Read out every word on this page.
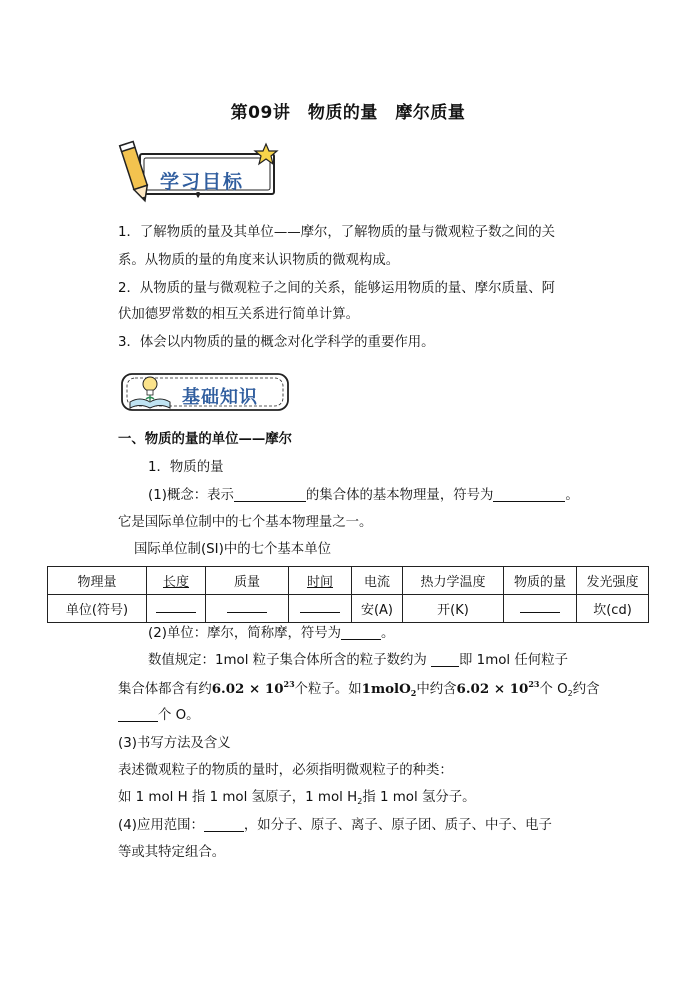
第09讲　物质的量　摩尔质量
学习目标
1．了解物质的量及其单位——摩尔，了解物质的量与微观粒子数之间的关
系。从物质的量的角度来认识物质的微观构成。
2．从物质的量与微观粒子之间的关系，能够运用物质的量、摩尔质量、阿
伏加德罗常数的相互关系进行简单计算。
3．体会以内物质的量的概念对化学科学的重要作用。
基础知识
一、物质的量的单位——摩尔
1．物质的量
(1)概念：表示	的集合体的基本物理量，符号为	。
它是国际单位制中的七个基本物理量之一。
国际单位制(SI)中的七个基本单位
物理量	长度	质量	时间	电流	热力学温度	物质的量	发光强度
单位(符号)				安(A)	开(K)		坎(cd)
(2)单位：摩尔，简称摩，符号为	。
数值规定：1mol 粒子集合体所含的粒子数约为 即 1mol 任何粒子
集合体都含有约$6.02 \times 10^{23}$个粒子。如1molO$_2$中约含$6.02 \times 10^{23}$个 $O_2$约含
个 O。
(3)书写方法及含义
表述微观粒子的物质的量时，必须指明微观粒子的种类：
如 1 mol H 指 1 mol 氢原子，1 mol $H_2$指 1 mol 氢分子。
(4)应用范围：	，如分子、原子、离子、原子团、质子、中子、电子
等或其特定组合。
